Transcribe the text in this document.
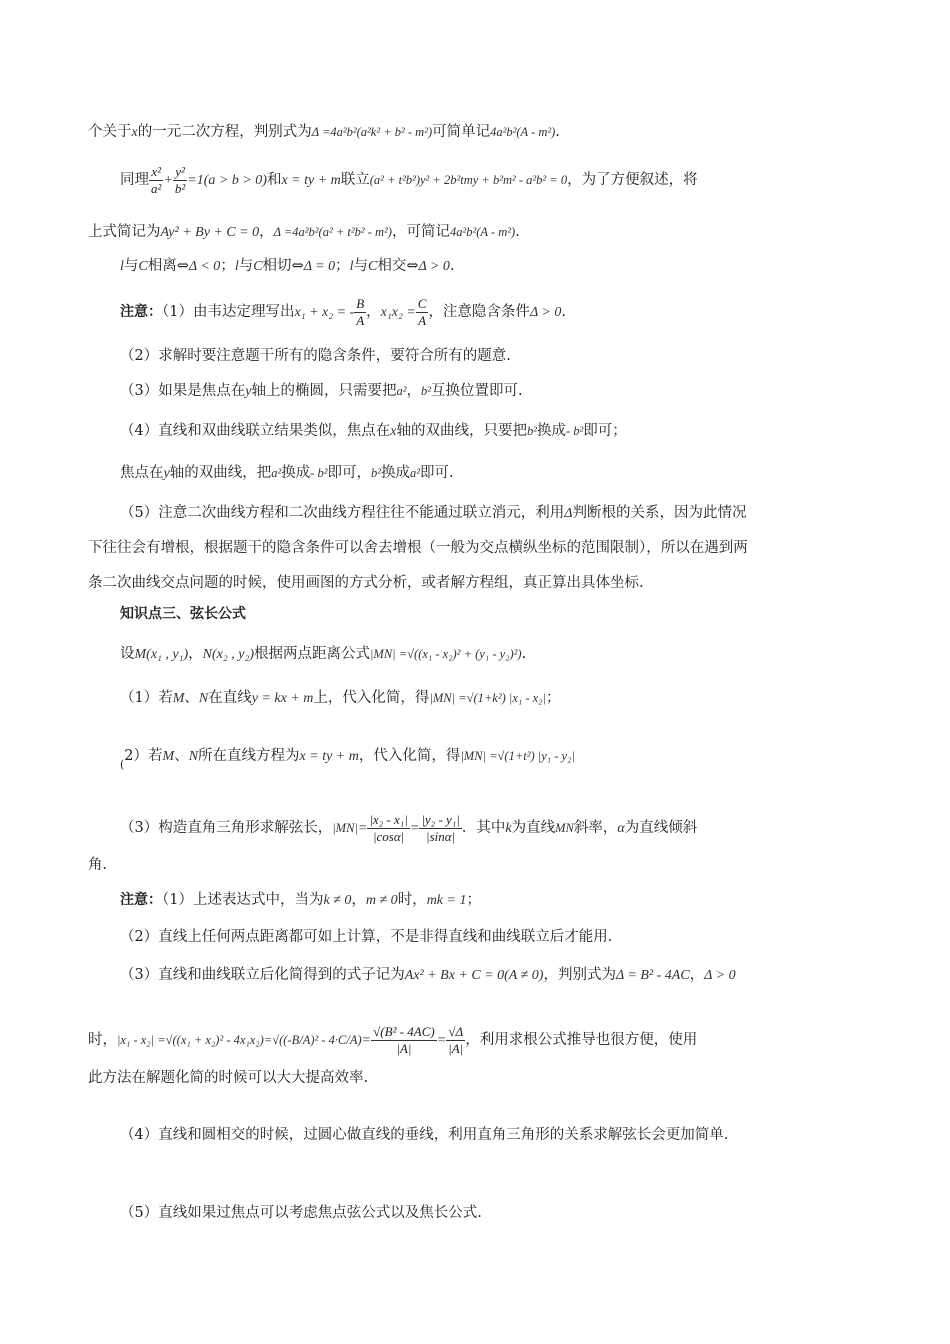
个关于x的一元二次方程，判别式为Δ =4a²b²(a²k² + b² - m²)可简单记4a²b²(A - m²).
同理 $\frac{\text{x²}}{\text{a²}} + \frac{\text{y²}}{\text{b²}} =1(a > b > 0)$和x = ty + m联立(a² + t²b²)y² + 2b²tmy + b²m² - a²b² = 0，为了方便叙述，将
上式简记为Ay² + By + C = 0，Δ =4a²b²(a² + t²b² - m²)，可简记4a²b²(A - m²).
l与C相离⇔Δ < 0；l与C相切⇔Δ = 0；l与C相交⇔Δ > 0.
注意：（1）由韦达定理写出x₁ + x₂ = - $\frac{B}{A}$ ，$x_1x_2 = \frac{C}{A}$ ，注意隐含条件Δ > 0.
（2）求解时要注意题干所有的隐含条件，要符合所有的题意.
（3）如果是焦点在y轴上的椭圆，只需要把a²，b²互换位置即可.
（4）直线和双曲线联立结果类似，焦点在x轴的双曲线，只要把b²换成- b²即可；
焦点在y轴的双曲线，把a²换成- b²即可，b²换成a²即可.
（5）注意二次曲线方程和二次曲线方程往往不能通过联立消元，利用Δ判断根的关系，因为此情况
下往往会有增根，根据题干的隐含条件可以舍去增根（一般为交点横纵坐标的范围限制），所以在遇到两
条二次曲线交点问题的时候，使用画图的方式分析，或者解方程组，真正算出具体坐标.
知识点三、弦长公式
设M(x₁ , y₁)，N(x₂ , y₂)根据两点距离公式|MN| =√((x₁ - x₂)² + (y₁ - y₂)²).
（1）若M、N在直线y = kx + m上，代入化简，得|MN| =√(1+k²) |x₁ - x₂|；
$_($2）若M、N所在直线方程为x = ty + m，代入化简，得|MN| =√(1+t²) |y₁ - y₂|
（3）构造直角三角形求解弦长，$|MN|= \frac{\text{|x₂ - x₁|}}{|\cos\alpha|} = \frac{\text{|y₂ - y₁|}}{|\sin\alpha|}$ ．其中k为直线MN斜率，α为直线倾斜
角.
注意：（1）上述表达式中，当为k ≠ 0，m ≠ 0时，mk = 1；
（2）直线上任何两点距离都可如上计算，不是非得直线和曲线联立后才能用.
（3）直线和曲线联立后化简得到的式子记为Ax² + Bx + C = 0(A ≠ 0)，判别式为Δ = B² - 4AC，Δ > 0
时，$|x_1 - x_2| =√((x_1 + x_2)^2 - 4x_1x_2)=√((-B/A)^2 - 4\cdot C/A)= \frac{\text{√(B² - 4AC)}}{|A|} = \frac{√\Delta}{|A|}$ ，利用求根公式推导也很方便，使用
此方法在解题化简的时候可以大大提高效率.
（4）直线和圆相交的时候，过圆心做直线的垂线，利用直角三角形的关系求解弦长会更加简单.
（5）直线如果过焦点可以考虑焦点弦公式以及焦长公式.
